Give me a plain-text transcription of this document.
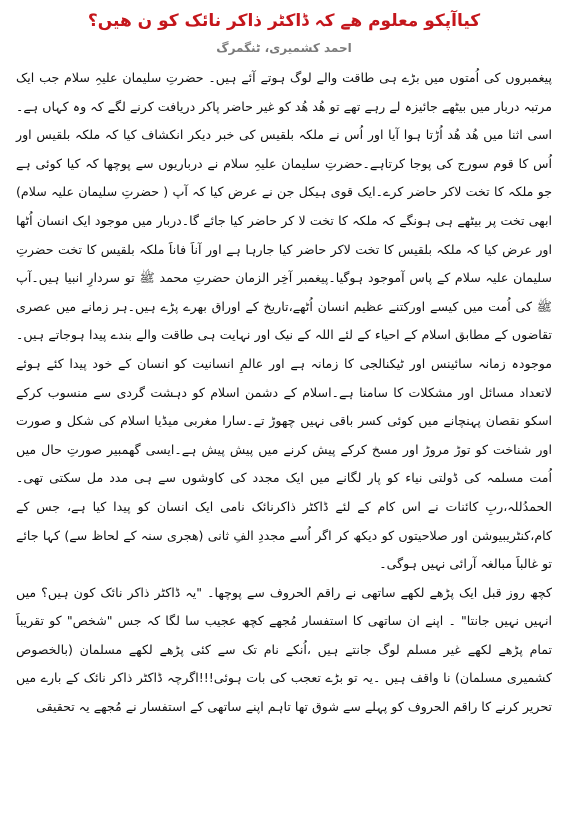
کیاآپکو معلوم ھے کہ ڈاکٹر ذاکر نائک کو ن ھیں؟
احمد کشمیری، ٹنگمرگ

پیغمبروں کی اُمتوں میں بڑے ہی طاقت والے لوگ ہوتے آئے ہیں۔ حضرتِ سلیمان علیہِ سلام جب ایک مرتبہ دربار میں بیٹھے جائیزہ لے رہے تھے تو ھُد ھُد کو غیر حاضر پاکر دریافت کرنے لگے کہ وہ کہاں ہے۔اسی اثنا میں ھُد ھُد اُڑتا ہوا آیا اور اُس نے ملکہ بلقیس کی خبر دیکر انکشاف کیا کہ ملکہ بلقیس اور اُس کا قوم سورج کی پوجا کرتاہے۔حضرتِ سلیمان علیہِ سلام نے درباریوں سے پوچھا کہ کیا کوئی ہے جو ملکہ کا تخت لاکر حاضر کرے۔ایک قوی ہیکل جن نے عرض کیا کہ آپ ( حضرتِ سلیمان علیہ سلام) ابھی تخت پر بیٹھے ہی ہونگے کہ ملکہ کا تخت لا کر حاضر کیا جائے گا۔دربار میں موجود ایک انسان اُٹھا اور عرض کیا کہ ملکہ بلقیس کا تخت لاکر حاضر کیا جارہا ہے اور آناََ فاناََ ملکہ بلقیس کا تخت حضرتِ سلیمان علیہ سلام کے پاس آموجود ہوگیا۔پیغمبر آخِر الزمان حضرتِ محمد ﷺ تو سردارِ انبیا ہیں۔آپ ﷺ کی اُمت میں کیسے اورکتنے عظیم انسان اُٹھے،تاریخ کے اوراق بھرے پڑے ہیں۔ہر زمانے میں عصری تقاضوں کے مطابق اسلام کے احیاء کے لئے اللہ کے نیک اور نہایت ہی طاقت والے بندے پیدا ہوجاتے ہیں۔موجودہ زمانہ سائینس اور ٹیکنالجی کا زمانہ ہے اور عالمِ انسانیت کو انسان کے خود پیدا کئے ہوئے لاتعداد مسائل اور مشکلات کا سامنا ہے۔اسلام کے دشمن اسلام کو دہشت گردی سے منسوب کرکے اسکو نقصان پہنچانے میں کوئی کسر باقی نہیں چھوڑ تے۔سارا مغربی میڈیا اسلام کی شکل و صورت اور شناخت کو توڑ مروڑ اور مسخ کرکے پیش کرنے میں پیش پیش ہے۔ایسی گھمبیر صورتِ حال میں اُمت مسلمہ کی ڈولتی نیاء کو پار لگانے میں ایک مجدد کی کاوشوں سے ہی مدد مل سکتی تھی۔الحمدُللہ،ربِ کائنات نے اس کام کے لئے ڈاکٹر ذاکرنائک نامی ایک انسان کو پیدا کیا ہے، جس کے کام،کنٹریبیوشن اور صلاحیتوں کو دیکھ کر اگر اُسے مجددِ الفِ ثانی (ھجری سنہ کے لحاظ سے) کہا جائے تو غالباََ مبالغہ آرائی نہیں ہوگی۔

کچھ روز قبل ایک پڑھے لکھے ساتھی نے راقم الحروف سے پوچھا۔ "یہ ڈاکٹر ذاکر نائک کون ہیں؟ میں انہیں نہیں جانتا" ۔ اپنے ان ساتھی کا استفسار مُجھے کچھ عجیب سا لگا کہ جس "شخص" کو تقریباََ تمام پڑھے لکھے غیر مسلم لوگ جانتے ہیں ،اُنکے نام تک سے کئی پڑھے لکھے مسلمان (بالخصوص کشمیری مسلمان) نا واقف ہیں ۔یہ تو بڑے تعجب کی بات ہوئی!!!اگرچہ ڈاکٹر ذاکر نائک کے بارے میں تحریر کرنے کا راقم الحروف کو پہلے سے شوق تھا تاہم اپنے ساتھی کے استفسار نے مُجھے یہ تحقیقی
